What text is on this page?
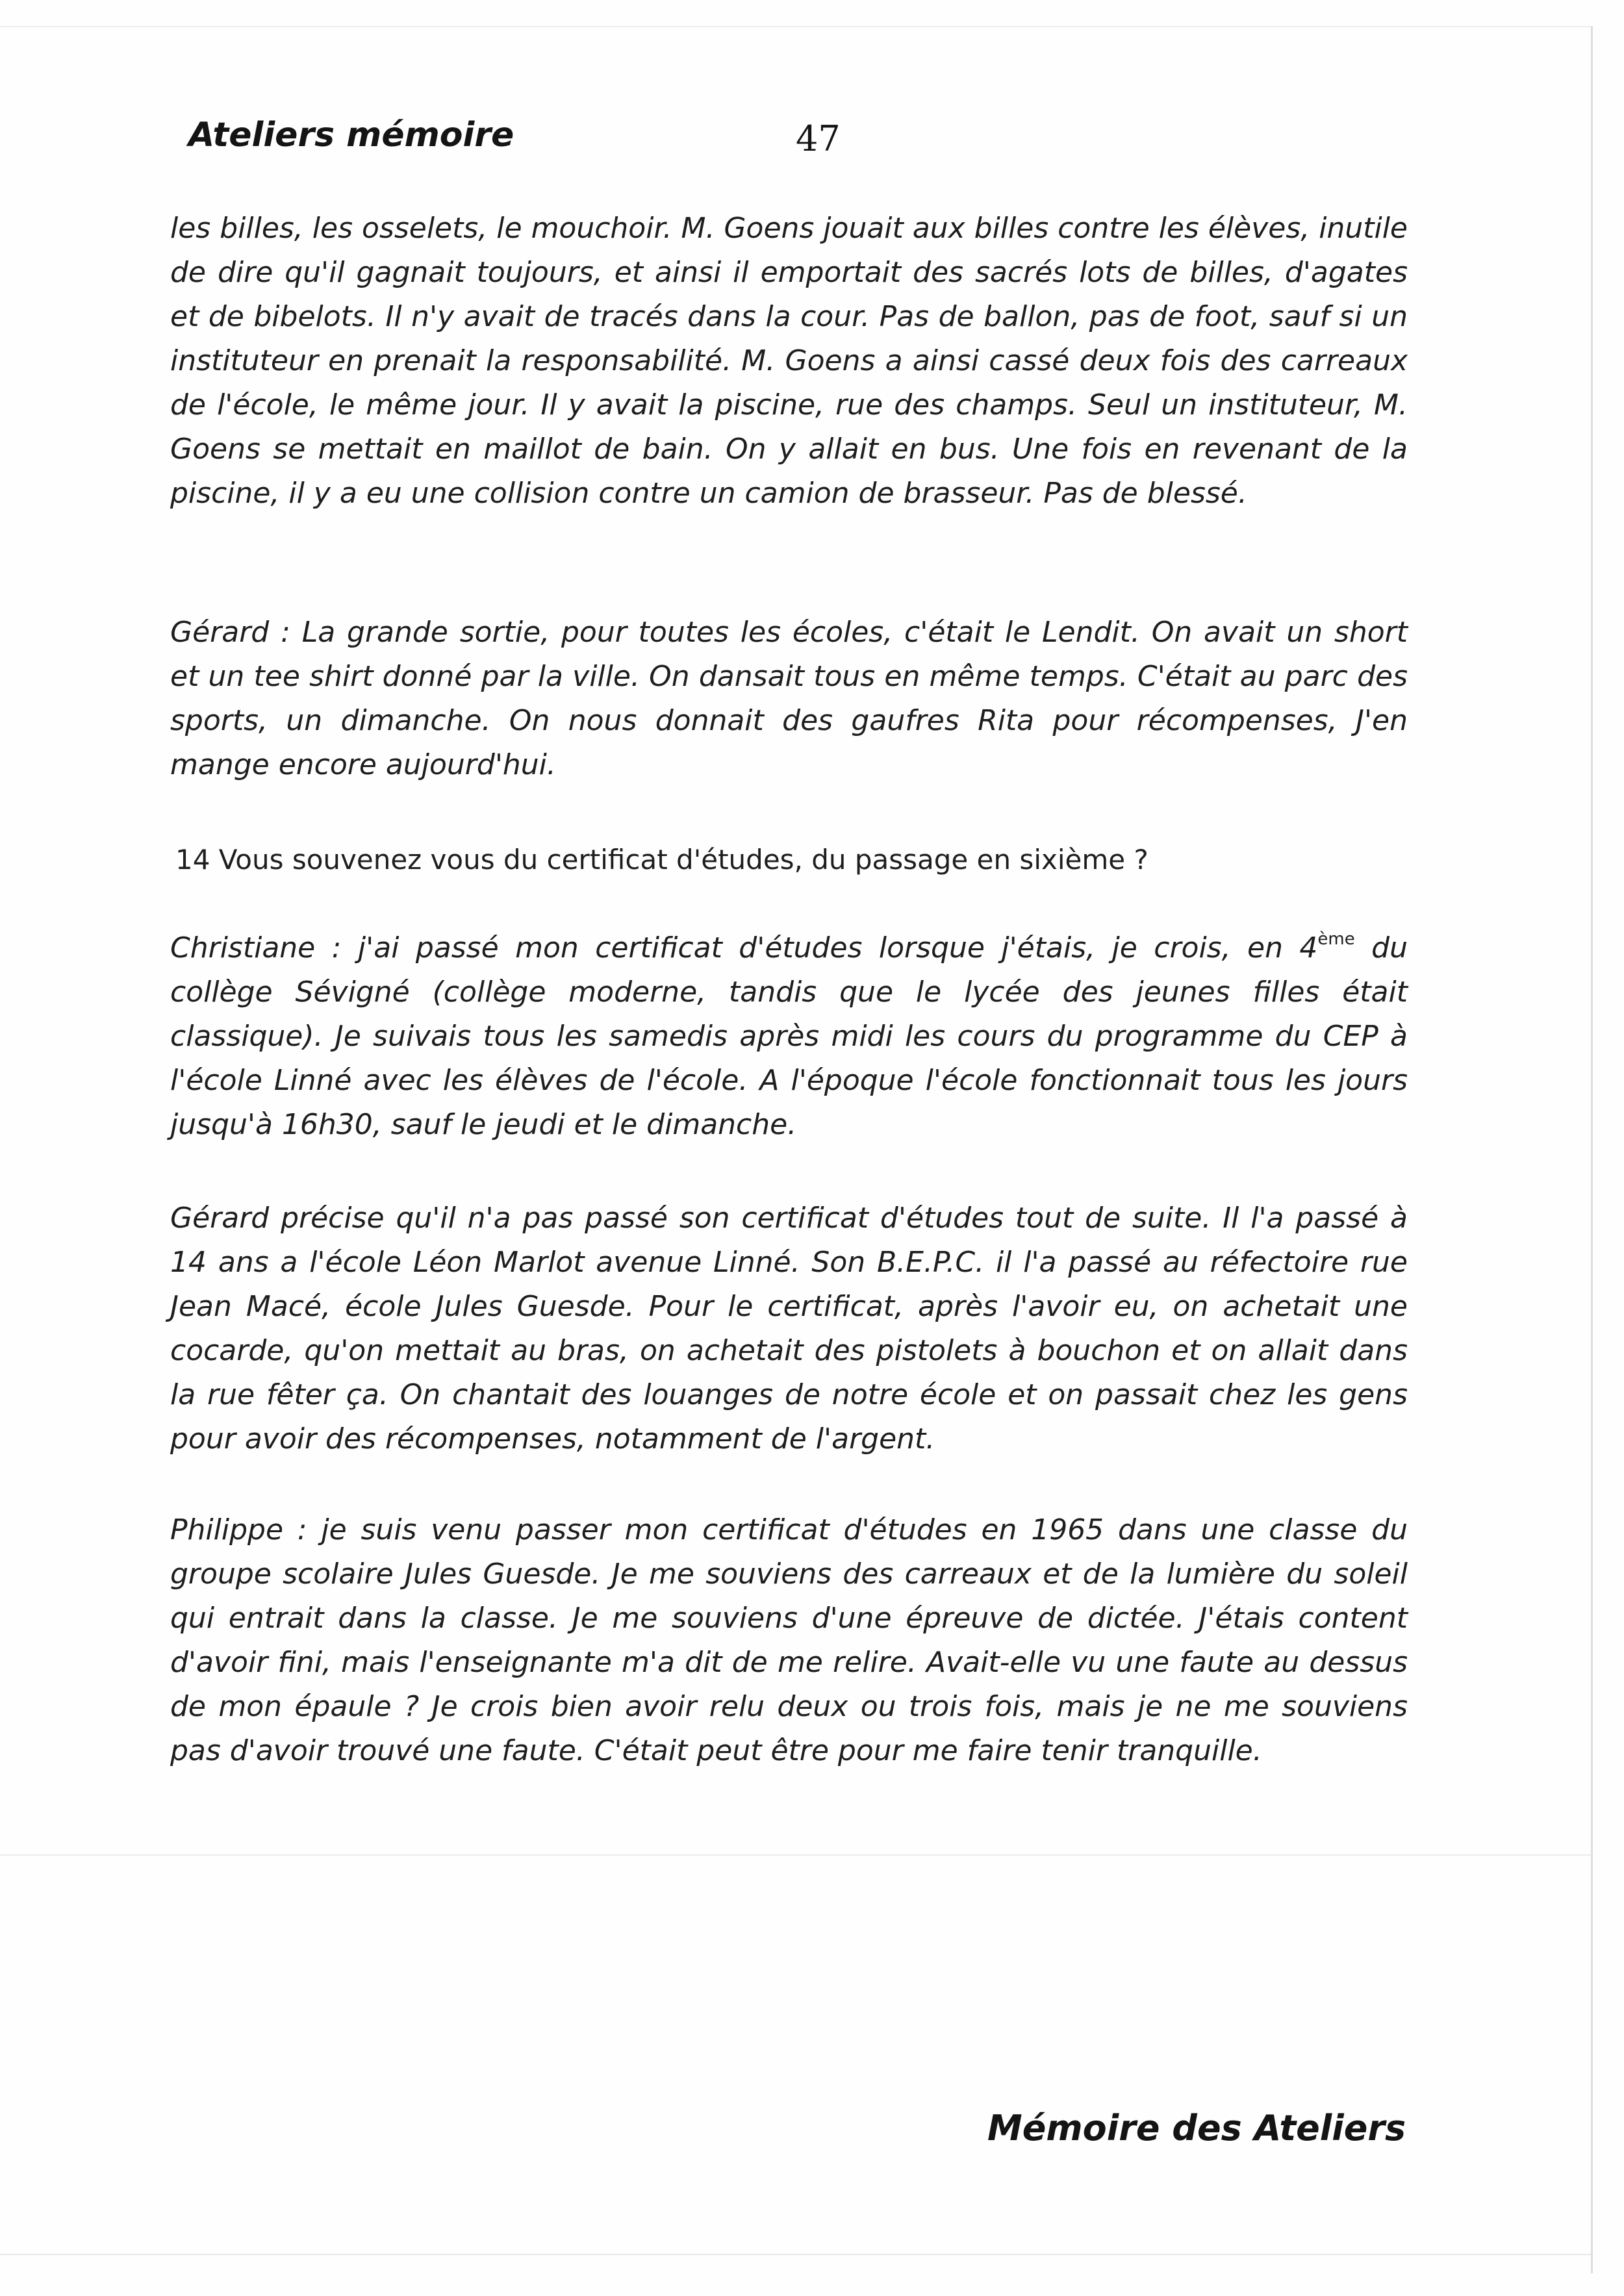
Ateliers mémoire	47

les billes, les osselets, le mouchoir. M. Goens jouait aux billes contre les élèves, inutile de dire qu'il gagnait toujours, et ainsi il emportait des sacrés lots de billes, d'agates et de bibelots. Il n'y avait de tracés dans la cour. Pas de ballon, pas de foot, sauf si un instituteur en prenait la responsabilité. M. Goens a ainsi cassé deux fois des carreaux de l'école, le même jour. Il y avait la piscine, rue des champs. Seul un instituteur, M. Goens se mettait en maillot de bain. On y allait en bus. Une fois en revenant de la piscine, il y a eu une collision contre un camion de brasseur. Pas de blessé.

Gérard : La grande sortie, pour toutes les écoles, c'était le Lendit. On avait un short et un tee shirt donné par la ville. On dansait tous en même temps. C'était au parc des sports, un dimanche. On nous donnait des gaufres Rita pour récompenses, J'en mange encore aujourd'hui.

14 Vous souvenez vous du certificat d'études, du passage en sixième ?

Christiane : j'ai passé mon certificat d'études lorsque j'étais, je crois, en 4ème du collège Sévigné (collège moderne, tandis que le lycée des jeunes filles était classique). Je suivais tous les samedis après midi les cours du programme du CEP à l'école Linné avec les élèves de l'école. A l'époque l'école fonctionnait tous les jours jusqu'à 16h30, sauf le jeudi et le dimanche.

Gérard précise qu'il n'a pas passé son certificat d'études tout de suite. Il l'a passé à 14 ans a l'école Léon Marlot avenue Linné. Son B.E.P.C. il l'a passé au réfectoire rue Jean Macé, école Jules Guesde. Pour le certificat, après l'avoir eu, on achetait une cocarde, qu'on mettait au bras, on achetait des pistolets à bouchon et on allait dans la rue fêter ça. On chantait des louanges de notre école et on passait chez les gens pour avoir des récompenses, notamment de l'argent.

Philippe : je suis venu passer mon certificat d'études en 1965 dans une classe du groupe scolaire Jules Guesde. Je me souviens des carreaux et de la lumière du soleil qui entrait dans la classe. Je me souviens d'une épreuve de dictée. J'étais content d'avoir fini, mais l'enseignante m'a dit de me relire. Avait-elle vu une faute au dessus de mon épaule ? Je crois bien avoir relu deux ou trois fois, mais je ne me souviens pas d'avoir trouvé une faute. C'était peut être pour me faire tenir tranquille.

Mémoire des Ateliers
